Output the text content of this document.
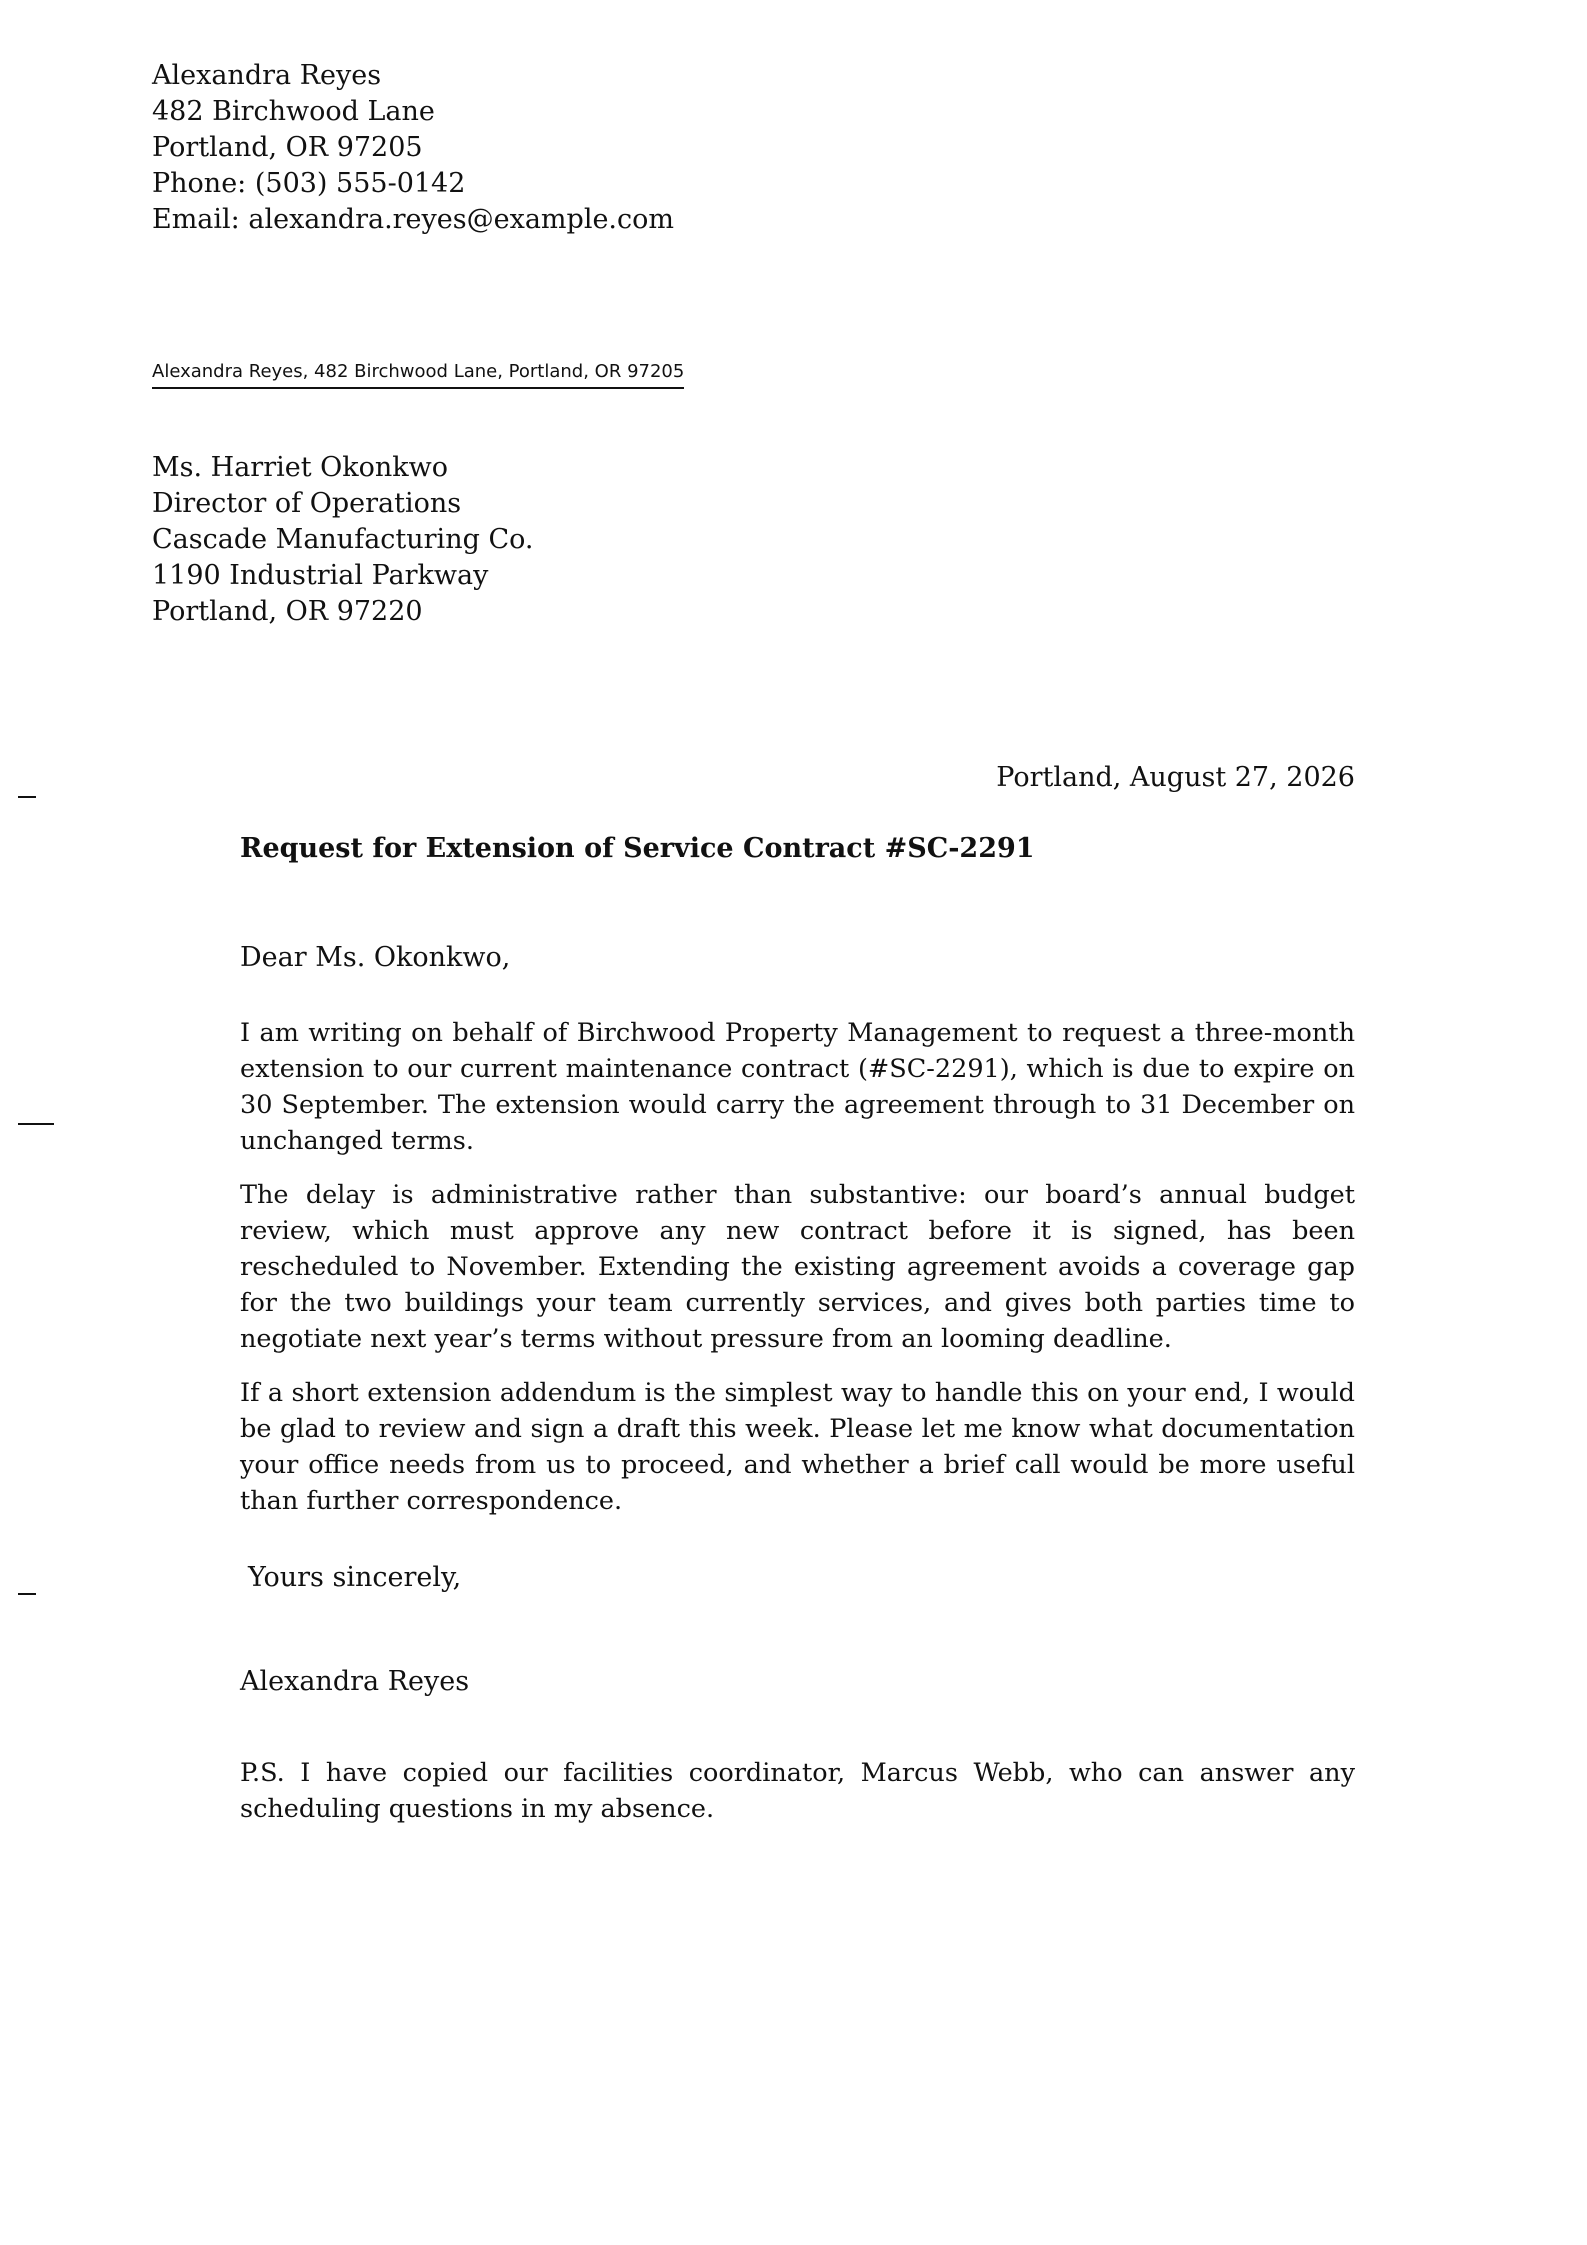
Alexandra Reyes
482 Birchwood Lane
Portland, OR 97205
Phone: (503) 555-0142
Email: alexandra.reyes@example.com
Alexandra Reyes, 482 Birchwood Lane, Portland, OR 97205
Ms. Harriet Okonkwo
Director of Operations
Cascade Manufacturing Co.
1190 Industrial Parkway
Portland, OR 97220
Portland, August 27, 2026
Request for Extension of Service Contract #SC-2291
Dear Ms. Okonkwo,

I am writing on behalf of Birchwood Property Management to request a three-month extension to our current maintenance contract (#SC-2291), which is due to expire on 30 September. The extension would carry the agreement through to 31 December on unchanged terms.

The delay is administrative rather than substantive: our board’s annual budget review, which must approve any new contract before it is signed, has been rescheduled to November. Extending the existing agreement avoids a coverage gap for the two buildings your team currently services, and gives both parties time to negotiate next year’s terms without pressure from an looming deadline.

If a short extension addendum is the simplest way to handle this on your end, I would be glad to review and sign a draft this week. Please let me know what documentation your office needs from us to proceed, and whether a brief call would be more useful than further correspondence.

Yours sincerely,
Alexandra Reyes

P.S. I have copied our facilities coordinator, Marcus Webb, who can answer any scheduling questions in my absence.
